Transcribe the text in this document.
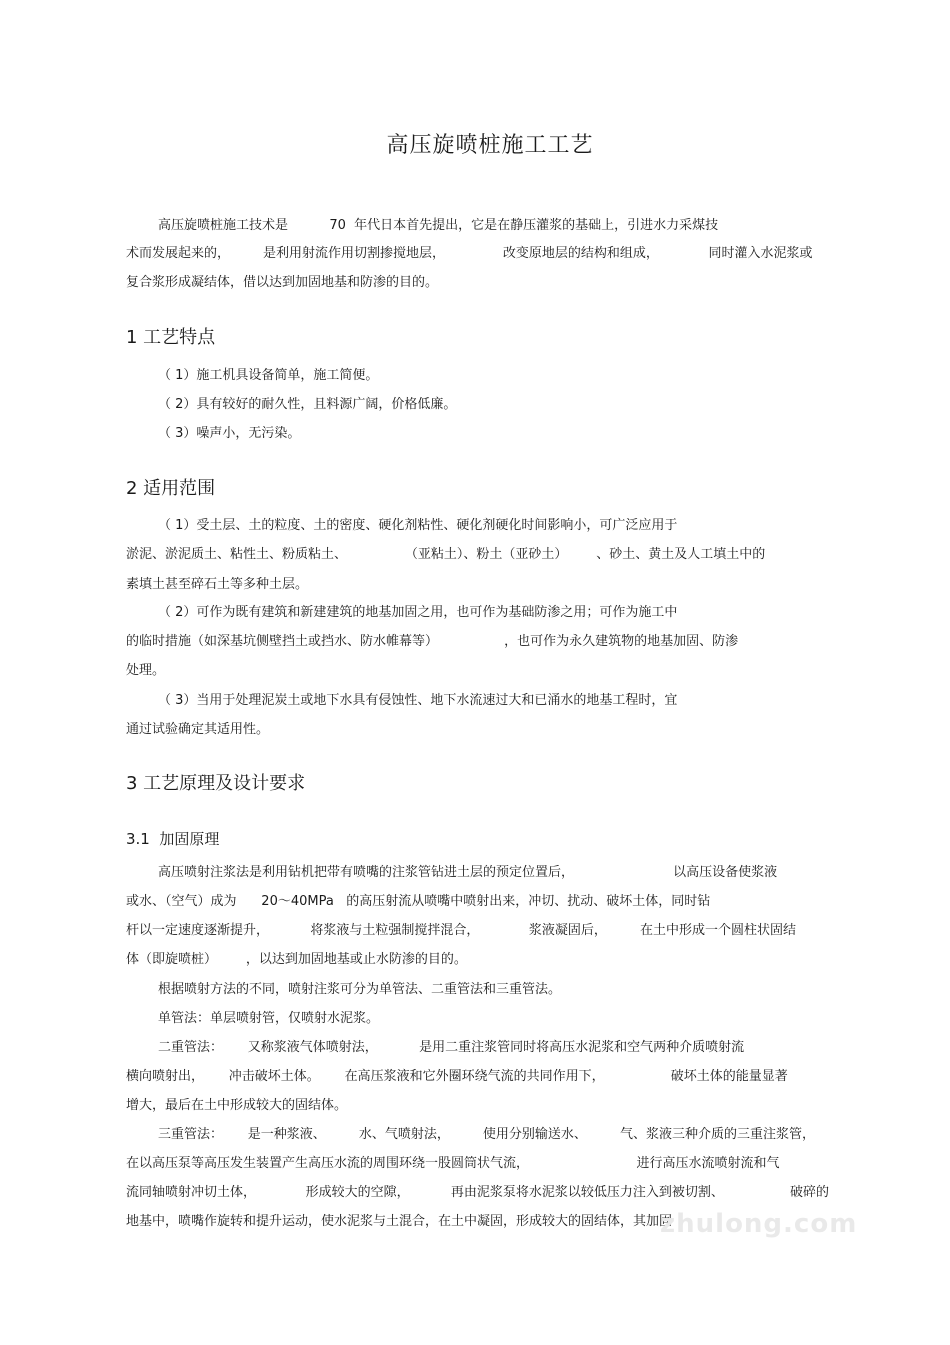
高压旋喷桩施工工艺
高压旋喷桩施工技术是          70  年代日本首先提出，它是在静压灌浆的基础上，引进水力采煤技
术而发展起来的，        是利用射流作用切割掺搅地层，              改变原地层的结构和组成，            同时灌入水泥浆或
复合浆形成凝结体，借以达到加固地基和防渗的目的。
1 工艺特点
（ 1）施工机具设备简单，施工简便。
（ 2）具有较好的耐久性，且料源广阔，价格低廉。
（ 3）噪声小，无污染。
2 适用范围
（ 1）受土层、土的粒度、土的密度、硬化剂粘性、硬化剂硬化时间影响小，可广泛应用于
淤泥、淤泥质土、粘性土、粉质粘土、              （亚粘土）、粉土（亚砂土）       、砂土、黄土及人工填土中的
素填土甚至碎石土等多种土层。
（ 2）可作为既有建筑和新建建筑的地基加固之用，也可作为基础防渗之用；可作为施工中
的临时措施（如深基坑侧壁挡土或挡水、防水帷幕等）                ，也可作为永久建筑物的地基加固、防渗
处理。
（ 3）当用于处理泥炭土或地下水具有侵蚀性、地下水流速过大和已涌水的地基工程时，宜
通过试验确定其适用性。
3 工艺原理及设计要求
3.1  加固原理
高压喷射注浆法是利用钻机把带有喷嘴的注浆管钻进土层的预定位置后，                        以高压设备使浆液
或水、（空气）成为      20～40MPa   的高压射流从喷嘴中喷射出来，冲切、扰动、破坏土体，同时钻
杆以一定速度逐渐提升，          将浆液与土粒强制搅拌混合，            浆液凝固后，        在土中形成一个圆柱状固结
体（即旋喷桩）       ，以达到加固地基或止水防渗的目的。
根据喷射方法的不同，喷射注浆可分为单管法、二重管法和三重管法。
单管法：单层喷射管，仅喷射水泥浆。
二重管法：      又称浆液气体喷射法，          是用二重注浆管同时将高压水泥浆和空气两种介质喷射流
横向喷射出，      冲击破坏土体。      在高压浆液和它外圈环绕气流的共同作用下，                破坏土体的能量显著
增大，最后在土中形成较大的固结体。
三重管法：      是一种浆液、        水、气喷射法，        使用分别输送水、        气、浆液三种介质的三重注浆管，
在以高压泵等高压发生装置产生高压水流的周围环绕一股圆筒状气流，                          进行高压水流喷射流和气
流同轴喷射冲切土体，            形成较大的空隙，          再由泥浆泵将水泥浆以较低压力注入到被切割、                破碎的
地基中，喷嘴作旋转和提升运动，使水泥浆与土混合，在土中凝固，形成较大的固结体，其加固
zhulong.com
